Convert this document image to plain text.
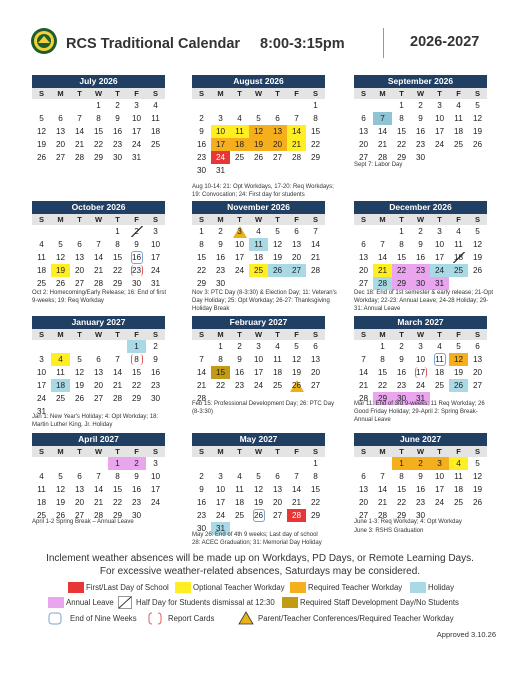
RCS Traditional Calendar 8:00-3:15pm	2026-2027
July 2026
S	M	T	W	T	F	S
			1	2	3	4
5	6	7	8	9	10	11
12	13	14	15	16	17	18
19	20	21	22	23	24	25
26	27	28	29	30	31	
August 2026
S	M	T	W	T	F	S
						1
2	3	4	5	6	7	8
9	10	11	12	13	14	15
16	17	18	19	20	21	22
23	24	25	26	27	28	29
30	31					
September 2026
S	M	T	W	T	F	S
		1	2	3	4	5
6	7	8	9	10	11	12
13	14	15	16	17	18	19
20	21	22	23	24	25	26
27	28	29	30			
October 2026
S	M	T	W	T	F	S
				1	2	3
4	5	6	7	8	9	10
11	12	13	14	15	16	17
18	19	20	21	22	23	24
25	26	27	28	29	30	31
November 2026
S	M	T	W	T	F	S
1	2	3	4	5	6	7
8	9	10	11	12	13	14
15	16	17	18	19	20	21
22	23	24	25	26	27	28
29	30					
December 2026
S	M	T	W	T	F	S
		1	2	3	4	5
6	7	8	9	10	11	12
13	14	15	16	17	18	19
20	21	22	23	24	25	26
27	28	29	30	31		
January 2027
S	M	T	W	T	F	S
					1	2
3	4	5	6	7	8	9
10	11	12	13	14	15	16
17	18	19	20	21	22	23
24	25	26	27	28	29	30
31						
February 2027
S	M	T	W	T	F	S
	1	2	3	4	5	6
7	8	9	10	11	12	13
14	15	16	17	18	19	20
21	22	23	24	25	26	27
28						
March 2027
S	M	T	W	T	F	S
	1	2	3	4	5	6
7	8	9	10	11	12	13
14	15	16	17	18	19	20
21	22	23	24	25	26	27
28	29	30	31			
April 2027
S	M	T	W	T	F	S
				1	2	3
4	5	6	7	8	9	10
11	12	13	14	15	16	17
18	19	20	21	22	23	24
25	26	27	28	29	30	
May 2027
S	M	T	W	T	F	S
						1
2	3	4	5	6	7	8
9	10	11	12	13	14	15
16	17	18	19	20	21	22
23	24	25	26	27	28	29
30	31					
June 2027
S	M	T	W	T	F	S
		1	2	3	4	5
6	7	8	9	10	11	12
13	14	15	16	17	18	19
20	21	22	23	24	25	26
27	28	29	30			
Aug 10-14: 21: Opt Workdays, 17-20: Req Workdays; 19: Convocation; 24: First day for students
Sept 7: Labor Day
Oct 2: Homecoming/Early Release; 16: End of first 9-weeks; 19: Req Workday
Nov 3: PTC Day (8-3:30) & Election Day; 11: Veteran's Day Holiday; 25: Opt Workday; 26-27: Thanksgiving Holiday Break
Dec 18: End of 1st semester & early release; 21-Opt Workday; 22-23: Annual Leave; 24-28 Holiday; 29-31: Annual Leave
Jan 1: New Year's Holiday; 4: Opt Workday; 18: Martin Luther King, Jr. Holiday
Feb 15: Professional Development Day; 26: PTC Day (8-3:30)
Mar 11: End of 3rd 9-weeks; 11 Req Workday; 26 Good Friday Holiday; 29-April 2: Spring Break-Annual Leave
April 1-2 Spring Break – Annual Leave
May 26: End of 4th 9 weeks; Last day of school
28: ACEC Graduation; 31: Memorial Day Holiday
June 1-3: Req Workday; 4: Opt Workday
June 3: RSHS Graduation
Inclement weather absences will be made up on Workdays, PD Days, or Remote Learning Days.
For excessive weather-related absences, Saturdays may be considered.
First/Last Day of School	Optional Teacher Workday	Required Teacher Workday	Holiday
Annual Leave	Half Day for Students dismissal at 12:30	Required Staff Development Day/No Students
End of Nine Weeks	Report Cards	Parent/Teacher Conferences/Required Teacher Workday
Approved 3.10.26
